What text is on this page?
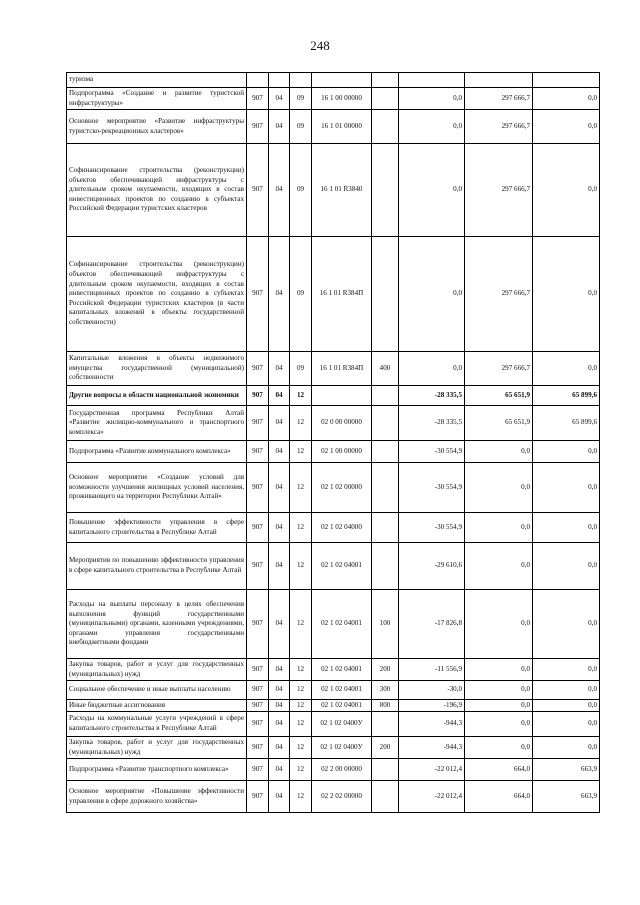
248
туризма								
Подпрограмма «Создание и развитие туристской инфраструктуры»	907	04	09	16 1 00 00000		0,0	297 666,7	0,0
Основное мероприятие «Развитие инфраструктуры туристско-рекреационных кластеров»	907	04	09	16 1 01 00000		0,0	297 666,7	0,0
Софинансирование строительства (реконструкции) объектов обеспечивающей инфраструктуры с длительным сроком окупаемости, входящих в состав инвестиционных проектов по созданию в субъектах Российской Федерации туристских кластеров	907	04	09	16 1 01 R3840		0,0	297 666,7	0,0
Софинансирование строительства (реконструкции) объектов обеспечивающей инфраструктуры с длительным сроком окупаемости, входящих в состав инвестиционных проектов по созданию в субъектах Российской Федерации туристских кластеров (в части капитальных вложений в объекты государственной собственности)	907	04	09	16 1 01 R384П		0,0	297 666,7	0,0
Капитальные вложения в объекты недвижимого имущества государственной (муниципальной) собственности	907	04	09	16 1 01 R384П	400	0,0	297 666,7	0,0
Другие вопросы в области национальной экономики	907	04	12			-28 335,5	65 651,9	65 899,6
Государственная программа Республики Алтай «Развитие жилищно-коммунального и транспортного комплекса»	907	04	12	02 0 00 00000		-28 335,5	65 651,9	65 899,6
Подпрограмма «Развитие коммунального комплекса»	907	04	12	02 1 00 00000		-30 554,9	0,0	0,0
Основное мероприятие «Создание условий для возможности улучшения жилищных условий населения, проживающего на территории Республики Алтай»	907	04	12	02 1 02 00000		-30 554,9	0,0	0,0
Повышение эффективности управления в сфере капитального строительства в Республике Алтай	907	04	12	02 1 02 04000		-30 554,9	0,0	0,0
Мероприятия по повышению эффективности управления в сфере капитального строительства в Республике Алтай	907	04	12	02 1 02 04001		-29 610,6	0,0	0,0
Расходы на выплаты персоналу в целях обеспечения выполнения функций государственными (муниципальными) органами, казенными учреждениями, органами управления государственными внебюджетными фондами	907	04	12	02 1 02 04001	100	-17 826,8	0,0	0,0
Закупка товаров, работ и услуг для государственных (муниципальных) нужд	907	04	12	02 1 02 04001	200	-11 556,9	0,0	0,0
Социальное обеспечение и иные выплаты населению	907	04	12	02 1 02 04001	300	-30,0	0,0	0,0
Иные бюджетные ассигнования	907	04	12	02 1 02 04001	800	-196,9	0,0	0,0
Расходы на коммунальные услуги учреждений в сфере капитального строительства в Республике Алтай	907	04	12	02 1 02 0400У		-944,3	0,0	0,0
Закупка товаров, работ и услуг для государственных (муниципальных) нужд	907	04	12	02 1 02 0400У	200	-944,3	0,0	0,0
Подпрограмма «Развитие транспортного комплекса»	907	04	12	02 2 00 00000		-22 012,4	664,0	663,9
Основное мероприятие «Повышение эффективности управления в сфере дорожного хозяйства»	907	04	12	02 2 02 00000		-22 012,4	664,0	663,9
